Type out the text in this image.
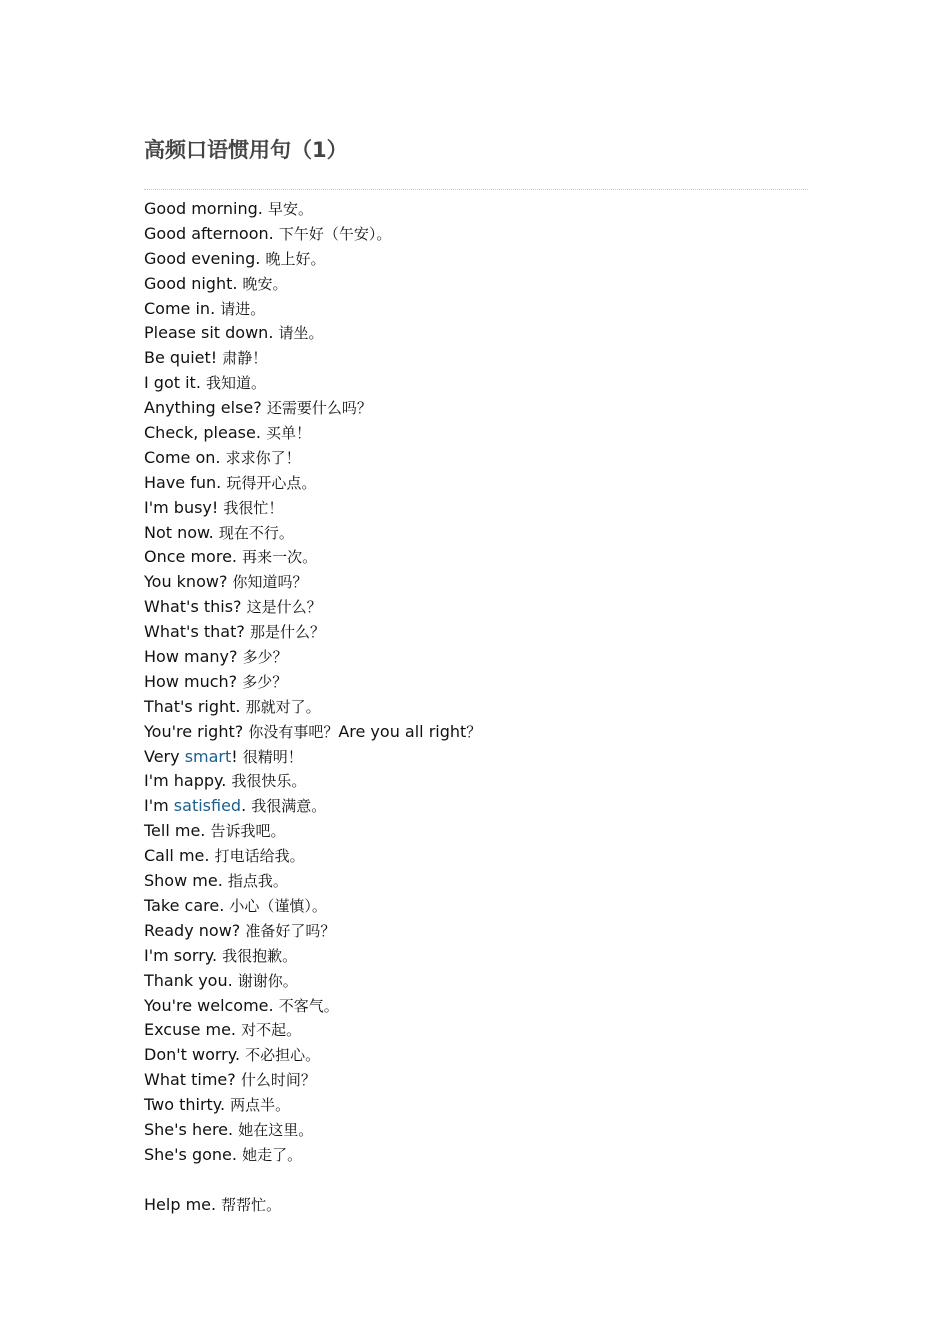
高频口语惯用句（1）
Good morning. 早安。
Good afternoon. 下午好（午安）。
Good evening. 晚上好。
Good night. 晚安。
Come in. 请进。
Please sit down. 请坐。
Be quiet! 肃静！
I got it. 我知道。
Anything else? 还需要什么吗？
Check, please. 买单！
Come on. 求求你了！
Have fun. 玩得开心点。
I'm busy! 我很忙！
Not now. 现在不行。
Once more. 再来一次。
You know? 你知道吗？
What's this? 这是什么？
What's that? 那是什么？
How many? 多少？
How much? 多少？
That's right. 那就对了。
You're right? 你没有事吧？Are you all right？
Very smart! 很精明！
I'm happy. 我很快乐。
I'm satisfied. 我很满意。
Tell me. 告诉我吧。
Call me. 打电话给我。
Show me. 指点我。
Take care. 小心（谨慎）。
Ready now? 准备好了吗？
I'm sorry. 我很抱歉。
Thank you. 谢谢你。
You're welcome. 不客气。
Excuse me. 对不起。
Don't worry. 不必担心。
What time? 什么时间？
Two thirty. 两点半。
She's here. 她在这里。
She's gone. 她走了。
Help me. 帮帮忙。
